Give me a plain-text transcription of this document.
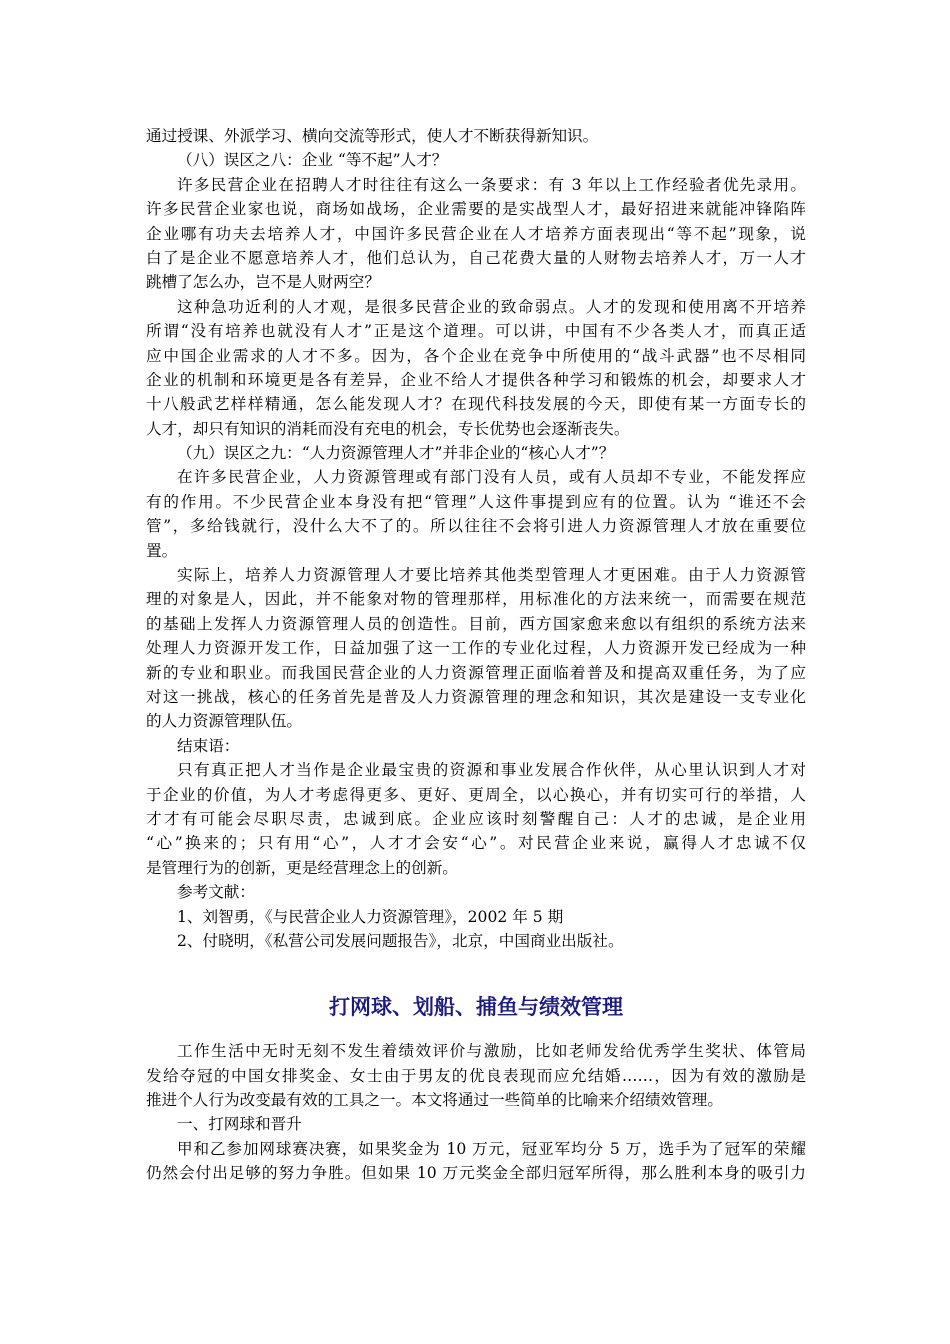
通过授课、外派学习、横向交流等形式，使人才不断获得新知识。
（八）误区之八：企业 “等不起”人才？
许多民营企业在招聘人才时往往有这么一条要求：有 3 年以上工作经验者优先录用。
许多民营企业家也说，商场如战场，企业需要的是实战型人才，最好招进来就能冲锋陷阵
企业哪有功夫去培养人才，中国许多民营企业在人才培养方面表现出“等不起”现象，说
白了是企业不愿意培养人才，他们总认为，自己花费大量的人财物去培养人才，万一人才
跳槽了怎么办，岂不是人财两空？
这种急功近利的人才观，是很多民营企业的致命弱点。人才的发现和使用离不开培养
所谓“没有培养也就没有人才”正是这个道理。可以讲，中国有不少各类人才，而真正适
应中国企业需求的人才不多。因为，各个企业在竞争中所使用的“战斗武器”也不尽相同
企业的机制和环境更是各有差异，企业不给人才提供各种学习和锻炼的机会，却要求人才
十八般武艺样样精通，怎么能发现人才？在现代科技发展的今天，即使有某一方面专长的
人才，却只有知识的消耗而没有充电的机会，专长优势也会逐渐丧失。
（九）误区之九：“人力资源管理人才”并非企业的“核心人才”？
在许多民营企业，人力资源管理或有部门没有人员，或有人员却不专业，不能发挥应
有的作用。不少民营企业本身没有把“管理”人这件事提到应有的位置。认为 “谁还不会
管”，多给钱就行，没什么大不了的。所以往往不会将引进人力资源管理人才放在重要位
置。
实际上，培养人力资源管理人才要比培养其他类型管理人才更困难。由于人力资源管
理的对象是人，因此，并不能象对物的管理那样，用标准化的方法来统一，而需要在规范
的基础上发挥人力资源管理人员的创造性。目前，西方国家愈来愈以有组织的系统方法来
处理人力资源开发工作，日益加强了这一工作的专业化过程，人力资源开发已经成为一种
新的专业和职业。而我国民营企业的人力资源管理正面临着普及和提高双重任务，为了应
对这一挑战，核心的任务首先是普及人力资源管理的理念和知识，其次是建设一支专业化
的人力资源管理队伍。
结束语：
只有真正把人才当作是企业最宝贵的资源和事业发展合作伙伴，从心里认识到人才对
于企业的价值，为人才考虑得更多、更好、更周全，以心换心，并有切实可行的举措，人
才才有可能会尽职尽责，忠诚到底。企业应该时刻警醒自己：人才的忠诚，是企业用
“心”换来的；只有用“心”，人才才会安“心”。对民营企业来说，赢得人才忠诚不仅
是管理行为的创新，更是经营理念上的创新。
参考文献：
1、刘智勇，《与民营企业人力资源管理》，2002 年 5 期
2、付晓明，《私营公司发展问题报告》，北京，中国商业出版社。
打网球、划船、捕鱼与绩效管理
工作生活中无时无刻不发生着绩效评价与激励，比如老师发给优秀学生奖状、体管局
发给夺冠的中国女排奖金、女士由于男友的优良表现而应允结婚……，因为有效的激励是
推进个人行为改变最有效的工具之一。本文将通过一些简单的比喻来介绍绩效管理。
一、打网球和晋升
甲和乙参加网球赛决赛，如果奖金为 10 万元，冠亚军均分 5 万，选手为了冠军的荣耀
仍然会付出足够的努力争胜。但如果 10 万元奖金全部归冠军所得，那么胜利本身的吸引力
